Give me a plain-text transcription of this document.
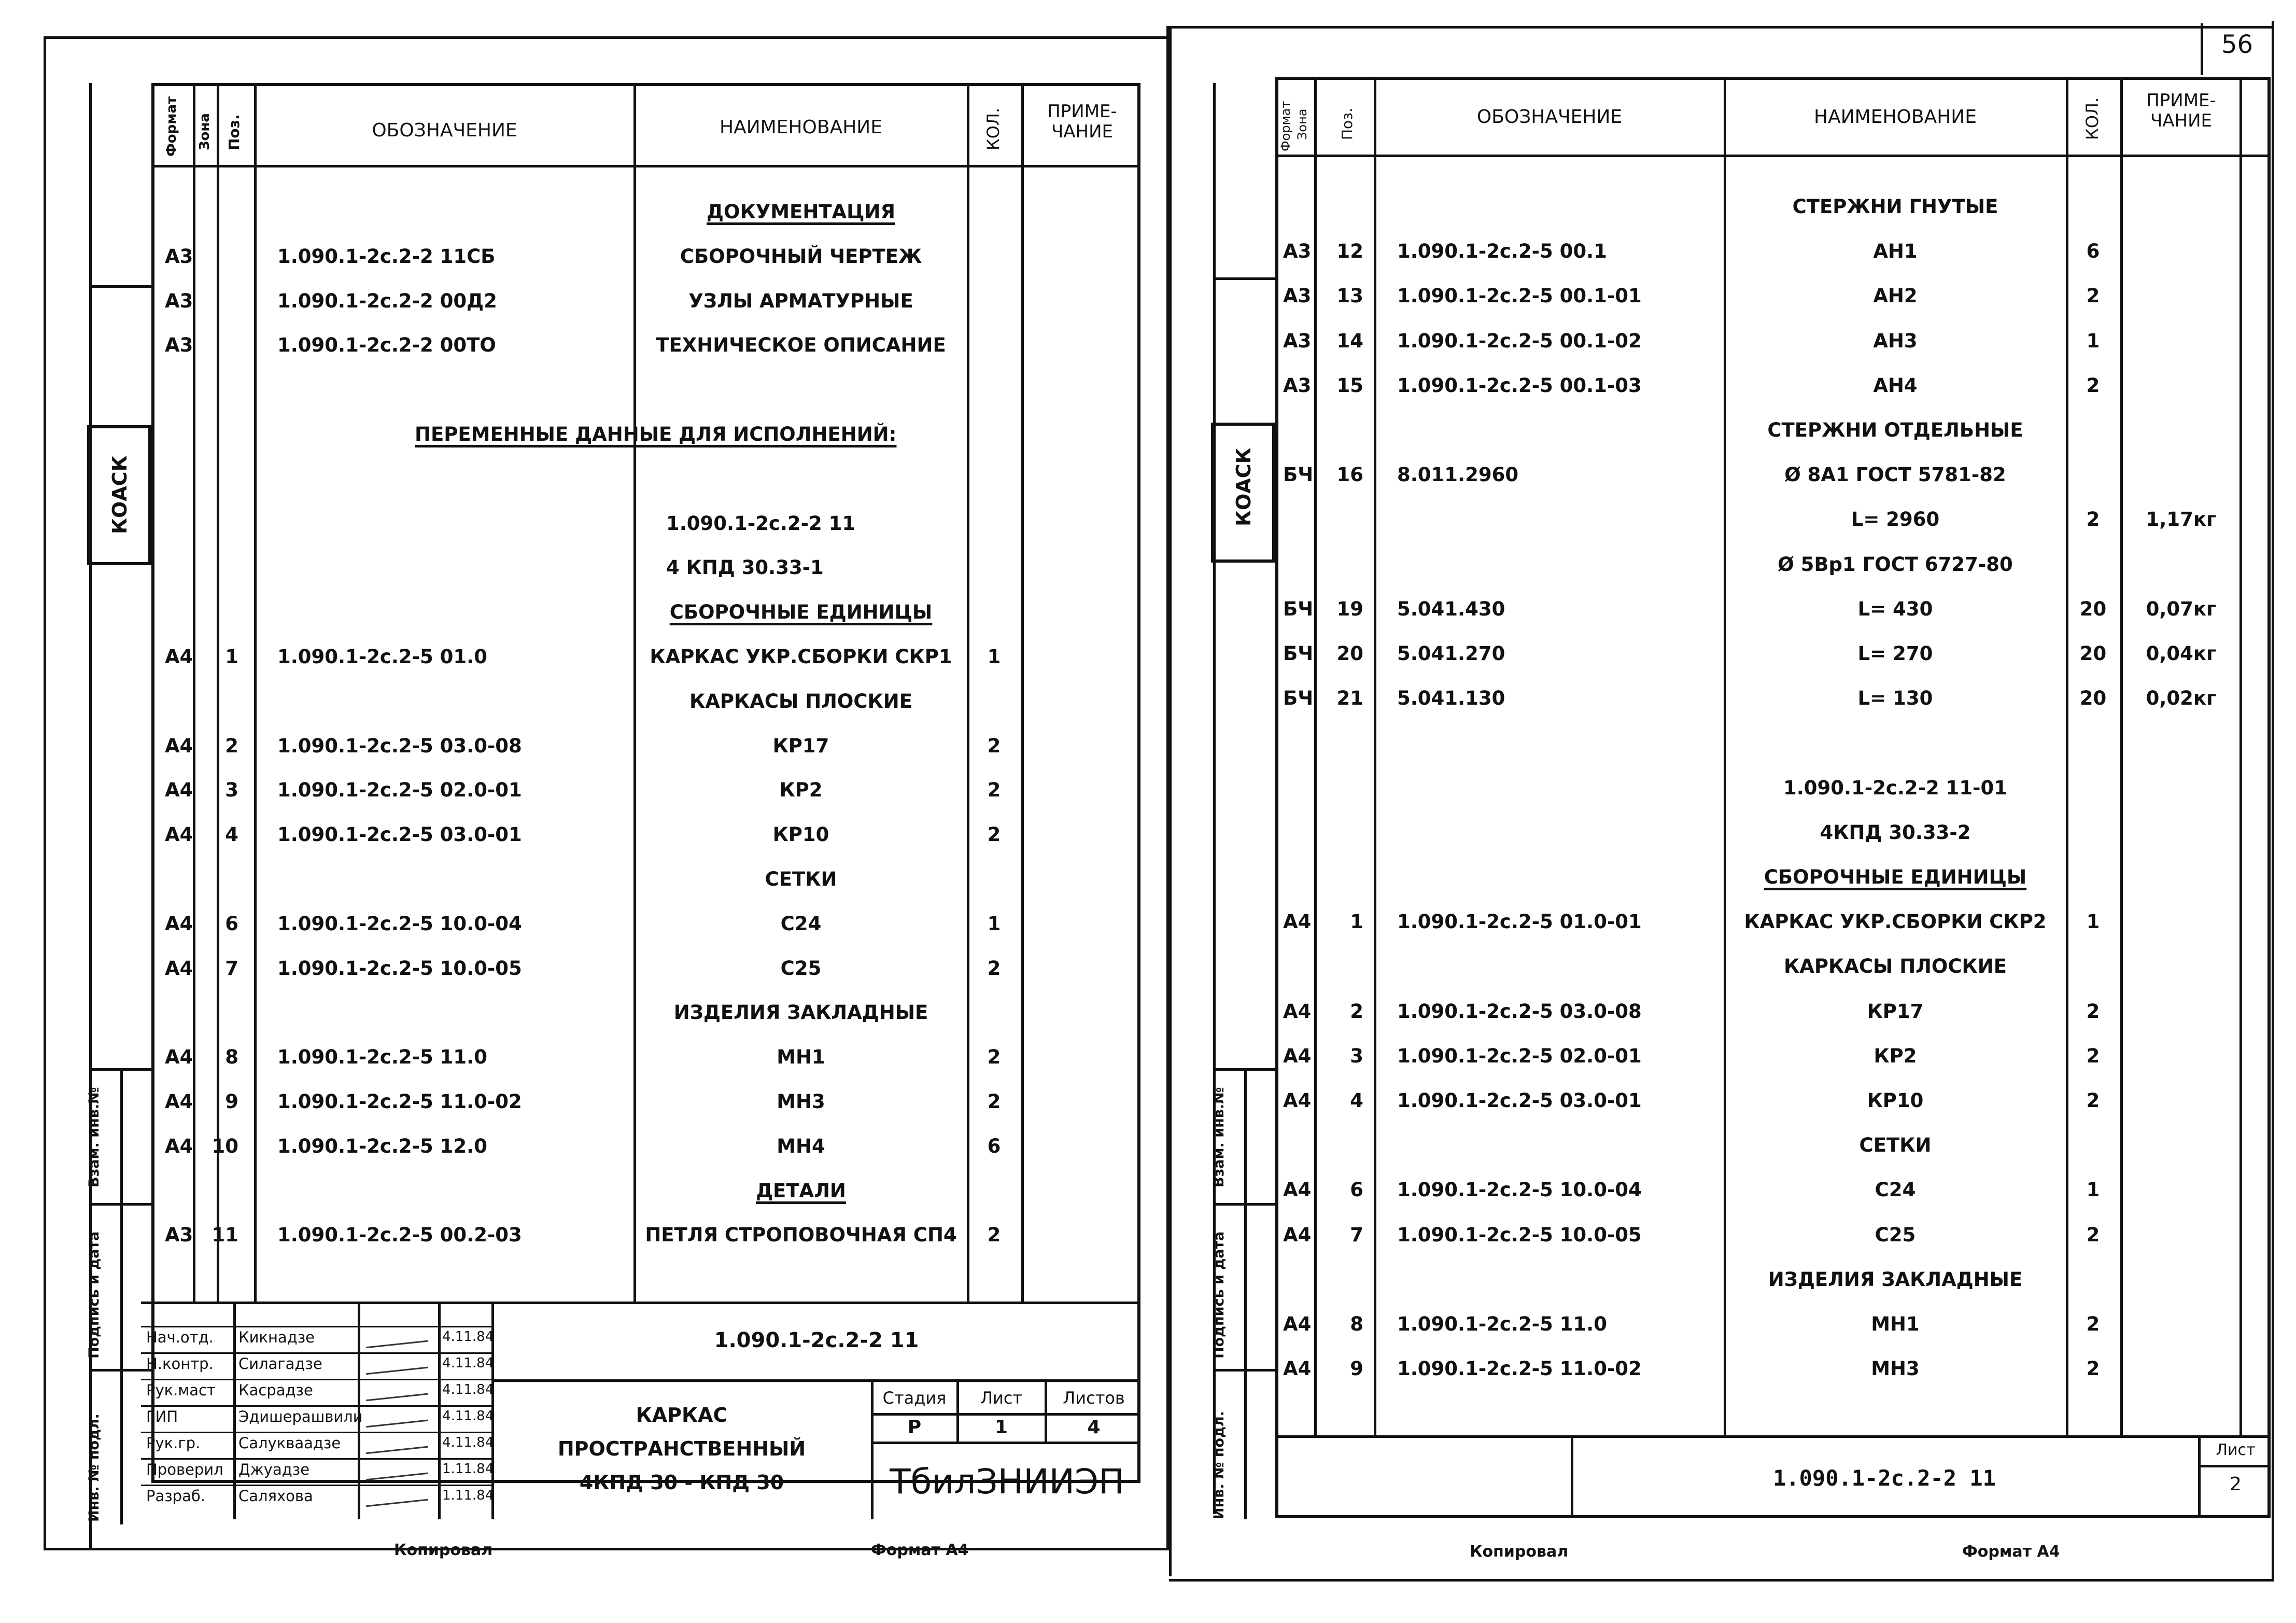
Формат Зона Поз.	ОБОЗНАЧЕНИЕ	НАИМЕНОВАНИЕ	КОЛ.	ПРИМЕ- ЧАНИЕ
КОАСК
Взам. инв.№
Подпись и дата
Инв. № подл.
ДОКУМЕНТАЦИЯ
А3	1.090.1-2с.2-2 11СБ	СБОРОЧНЫЙ ЧЕРТЕЖ
А3	1.090.1-2с.2-2 00Д2	УЗЛЫ АРМАТУРНЫЕ
А3	1.090.1-2с.2-2 00ТО	ТЕХНИЧЕСКОЕ ОПИСАНИЕ
ПЕРЕМЕННЫЕ ДАННЫЕ ДЛЯ ИСПОЛНЕНИЙ:
1.090.1-2с.2-2 11
4 КПД 30.33-1
СБОРОЧНЫЕ ЕДИНИЦЫ
А4	1 1.090.1-2с.2-5 01.0	КАРКАС УКР.СБОРКИ СКР1	1
КАРКАСЫ ПЛОСКИЕ
А4	2 1.090.1-2с.2-5 03.0-08	КР17	2
А4	3 1.090.1-2с.2-5 02.0-01	КР2	2
А4	4 1.090.1-2с.2-5 03.0-01	КР10	2
СЕТКИ
А4	6 1.090.1-2с.2-5 10.0-04	С24	1
А4	7 1.090.1-2с.2-5 10.0-05	С25	2
ИЗДЕЛИЯ ЗАКЛАДНЫЕ
А4	8 1.090.1-2с.2-5 11.0	МН1	2
А4	9 1.090.1-2с.2-5 11.0-02	МН3	2
А4 10 1.090.1-2с.2-5 12.0	МН4	6
ДЕТАЛИ
А3 11 1.090.1-2с.2-5 00.2-03	ПЕТЛЯ СТРОПОВОЧНАЯ СП4	2
1.090.1-2с.2-2 11
КАРКАС
ПРОСТРАНСТВЕННЫЙ
4КПД 30 - КПД 30
Стадия	Лист	Листов
Р	1	4
ТбилЗНИИЭП
Нач.отд. Кикнадзе	4.11.84
Н.контр. Силагадзе	4.11.84
Рук.маст Касрадзе	4.11.84
ГИП	Эдишерашвили	4.11.84
Рук.гр.	Салукваадзе	4.11.84
Проверил Джуадзе	1.11.84
Разраб. Саляхова	1.11.84
Копировал	Формат А4
56
Формат Зона Поз.	ОБОЗНАЧЕНИЕ	НАИМЕНОВАНИЕ	КОЛ.	ПРИМЕ- ЧАНИЕ
КОАСК
Взам. инв.№
Подпись и дата
Инв. № подл.
СТЕРЖНИ ГНУТЫЕ
А3	12 1.090.1-2с.2-5 00.1	АН1	6
А3	13 1.090.1-2с.2-5 00.1-01	АН2	2
А3	14 1.090.1-2с.2-5 00.1-02	АН3	1
А3	15 1.090.1-2с.2-5 00.1-03	АН4	2
СТЕРЖНИ ОТДЕЛЬНЫЕ
БЧ	16 8.011.2960	Ø 8А1 ГОСТ 5781-82
L= 2960	2	1,17кг
Ø 5Вр1 ГОСТ 6727-80
БЧ	19 5.041.430	L= 430	20	0,07кг
БЧ	20 5.041.270	L= 270	20	0,04кг
БЧ	21 5.041.130	L= 130	20	0,02кг
1.090.1-2с.2-2 11-01
4КПД 30.33-2
СБОРОЧНЫЕ ЕДИНИЦЫ
А4	1 1.090.1-2с.2-5 01.0-01	КАРКАС УКР.СБОРКИ СКР2	1
КАРКАСЫ ПЛОСКИЕ
А4	2 1.090.1-2с.2-5 03.0-08	КР17	2
А4	3 1.090.1-2с.2-5 02.0-01	КР2	2
А4	4 1.090.1-2с.2-5 03.0-01	КР10	2
СЕТКИ
А4	6 1.090.1-2с.2-5 10.0-04	С24	1
А4	7 1.090.1-2с.2-5 10.0-05	С25	2
ИЗДЕЛИЯ ЗАКЛАДНЫЕ
А4	8 1.090.1-2с.2-5 11.0	МН1	2
А4	9 1.090.1-2с.2-5 11.0-02	МН3	2
1.090.1-2с.2-2 11
Лист
2
Копировал	Формат А4
